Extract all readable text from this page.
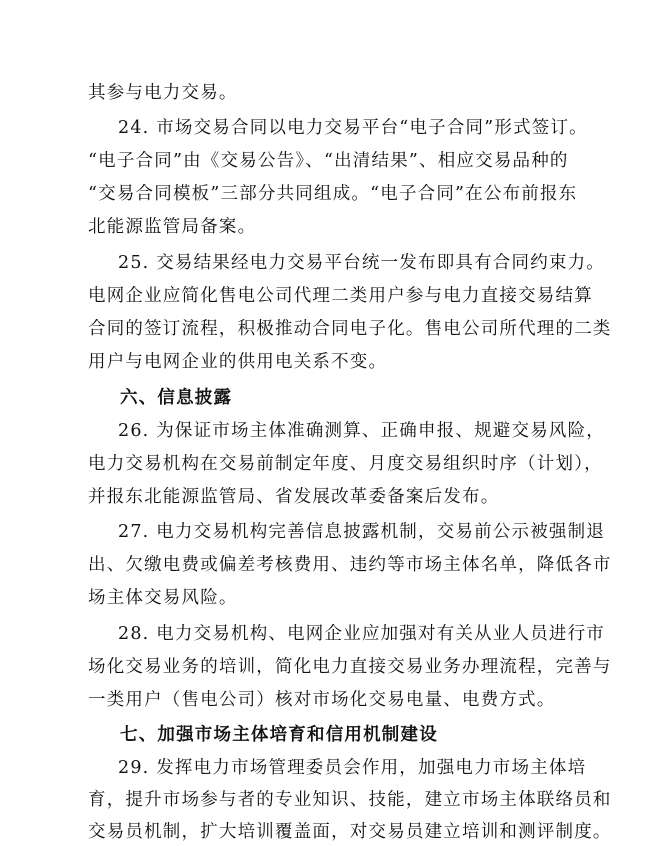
其参与电力交易。
24. 市场交易合同以电力交易平台“电子合同”形式签订。
“电子合同”由《交易公告》、“出清结果”、相应交易品种的
“交易合同模板”三部分共同组成。“电子合同”在公布前报东
北能源监管局备案。
25. 交易结果经电力交易平台统一发布即具有合同约束力。
电网企业应简化售电公司代理二类用户参与电力直接交易结算
合同的签订流程，积极推动合同电子化。售电公司所代理的二类
用户与电网企业的供用电关系不变。
六、信息披露
26. 为保证市场主体准确测算、正确申报、规避交易风险，
电力交易机构在交易前制定年度、月度交易组织时序（计划），
并报东北能源监管局、省发展改革委备案后发布。
27. 电力交易机构完善信息披露机制，交易前公示被强制退
出、欠缴电费或偏差考核费用、违约等市场主体名单，降低各市
场主体交易风险。
28. 电力交易机构、电网企业应加强对有关从业人员进行市
场化交易业务的培训，简化电力直接交易业务办理流程，完善与
一类用户（售电公司）核对市场化交易电量、电费方式。
七、加强市场主体培育和信用机制建设
29. 发挥电力市场管理委员会作用，加强电力市场主体培
育，提升市场参与者的专业知识、技能，建立市场主体联络员和
交易员机制，扩大培训覆盖面，对交易员建立培训和测评制度。
